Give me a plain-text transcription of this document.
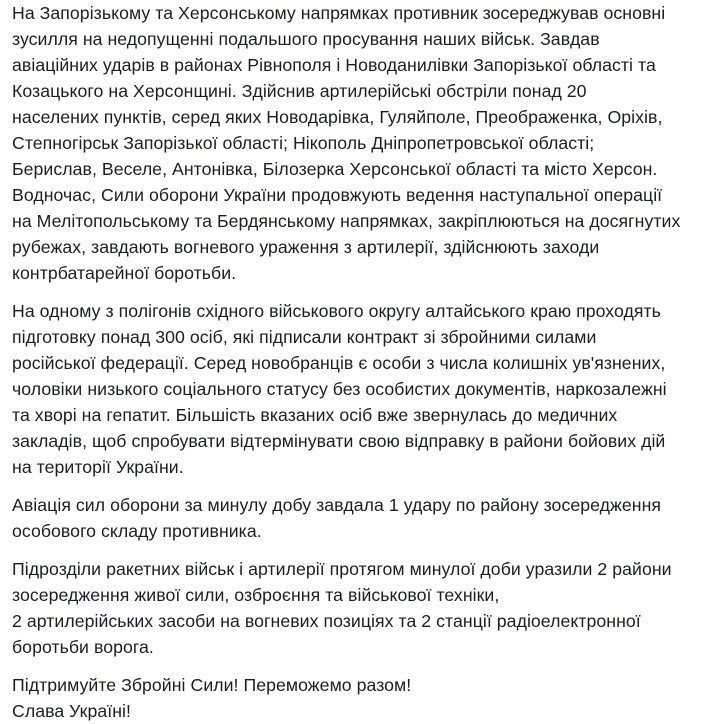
На Запорізькому та Херсонському напрямках противник зосереджував основні
зусилля на недопущенні подальшого просування наших військ. Завдав
авіаційних ударів в районах Рівнополя і Новоданилівки Запорізької області та
Козацького на Херсонщині. Здійснив артилерійські обстріли понад 20
населених пунктів, серед яких Новодарівка, Гуляйполе, Преображенка, Оріхів,
Степногірськ Запорізької області; Нікополь Дніпропетровської області;
Берислав, Веселе, Антонівка, Білозерка Херсонської області та місто Херсон.
Водночас, Сили оборони України продовжують ведення наступальної операції
на Мелітопольському та Бердянському напрямках, закріплюються на досягнутих
рубежах, завдають вогневого ураження з артилерії, здійснюють заходи
контрбатарейної боротьби.
На одному з полігонів східного військового округу алтайського краю проходять
підготовку понад 300 осіб, які підписали контракт зі збройними силами
російської федерації. Серед новобранців є особи з числа колишніх ув'язнених,
чоловіки низького соціального статусу без особистих документів, наркозалежні
та хворі на гепатит. Більшість вказаних осіб вже звернулась до медичних
закладів, щоб спробувати відтермінувати свою відправку в райони бойових дій
на території України.
Авіація сил оборони за минулу добу завдала 1 удару по району зосередження
особового складу противника.
Підрозділи ракетних військ і артилерії протягом минулої доби уразили 2 райони
зосередження живої сили, озброєння та військової техніки,
2 артилерійських засоби на вогневих позиціях та 2 станції радіоелектронної
боротьби ворога.
Підтримуйте Збройні Сили! Переможемо разом!
Слава Україні!
